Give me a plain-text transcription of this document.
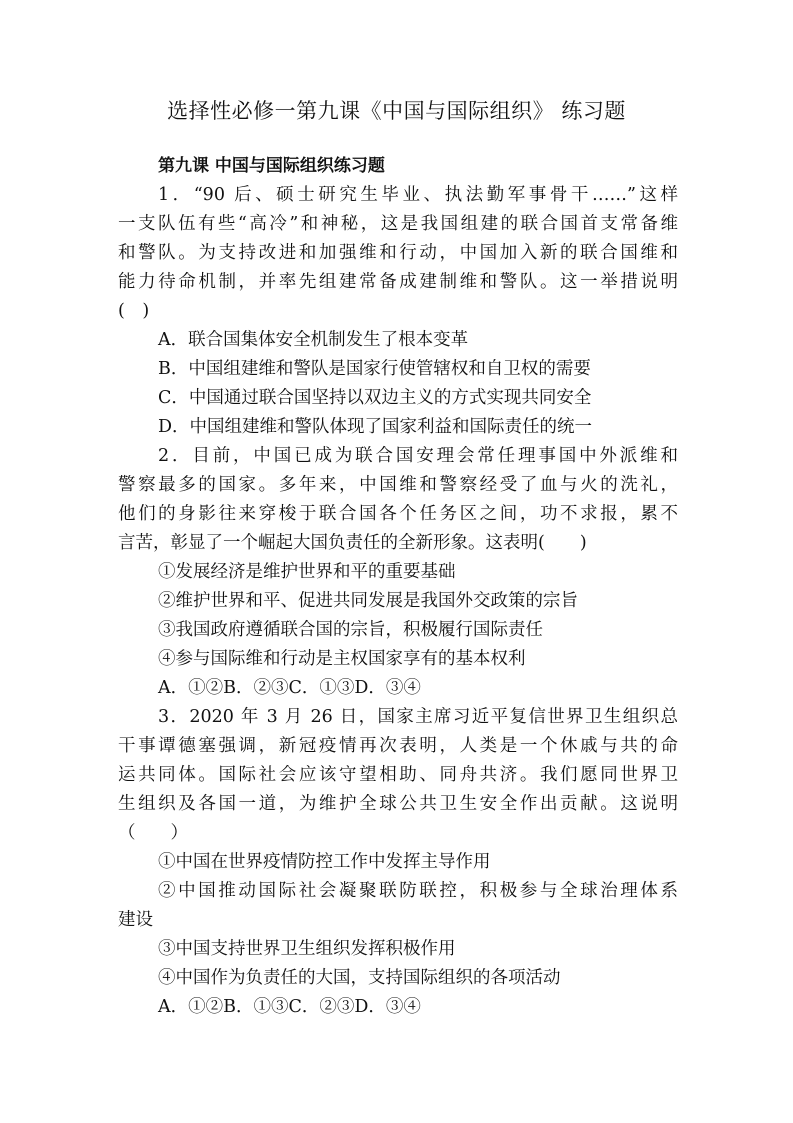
选择性必修一第九课《中国与国际组织》 练习题
第九课 中国与国际组织练习题
1．“90 后、硕士研究生毕业、执法勤军事骨干……”这样
一支队伍有些“高冷”和神秘，这是我国组建的联合国首支常备维
和警队。为支持改进和加强维和行动，中国加入新的联合国维和
能力待命机制，并率先组建常备成建制维和警队。这一举措说明
(　)
A．联合国集体安全机制发生了根本变革
B．中国组建维和警队是国家行使管辖权和自卫权的需要
C．中国通过联合国坚持以双边主义的方式实现共同安全
D．中国组建维和警队体现了国家利益和国际责任的统一
2．目前，中国已成为联合国安理会常任理事国中外派维和
警察最多的国家。多年来，中国维和警察经受了血与火的洗礼，
他们的身影往来穿梭于联合国各个任务区之间，功不求报，累不
言苦，彰显了一个崛起大国负责任的全新形象。这表明(　　)
①发展经济是维护世界和平的重要基础
②维护世界和平、促进共同发展是我国外交政策的宗旨
③我国政府遵循联合国的宗旨，积极履行国际责任
④参与国际维和行动是主权国家享有的基本权利
A．①②B．②③C．①③D．③④
3．2020 年 3 月 26 日，国家主席习近平复信世界卫生组织总
干事谭德塞强调，新冠疫情再次表明，人类是一个休戚与共的命
运共同体。国际社会应该守望相助、同舟共济。我们愿同世界卫
生组织及各国一道，为维护全球公共卫生安全作出贡献。这说明
（　　）
①中国在世界疫情防控工作中发挥主导作用
②中国推动国际社会凝聚联防联控，积极参与全球治理体系
建设
③中国支持世界卫生组织发挥积极作用
④中国作为负责任的大国，支持国际组织的各项活动
A．①②B．①③C．②③D．③④
